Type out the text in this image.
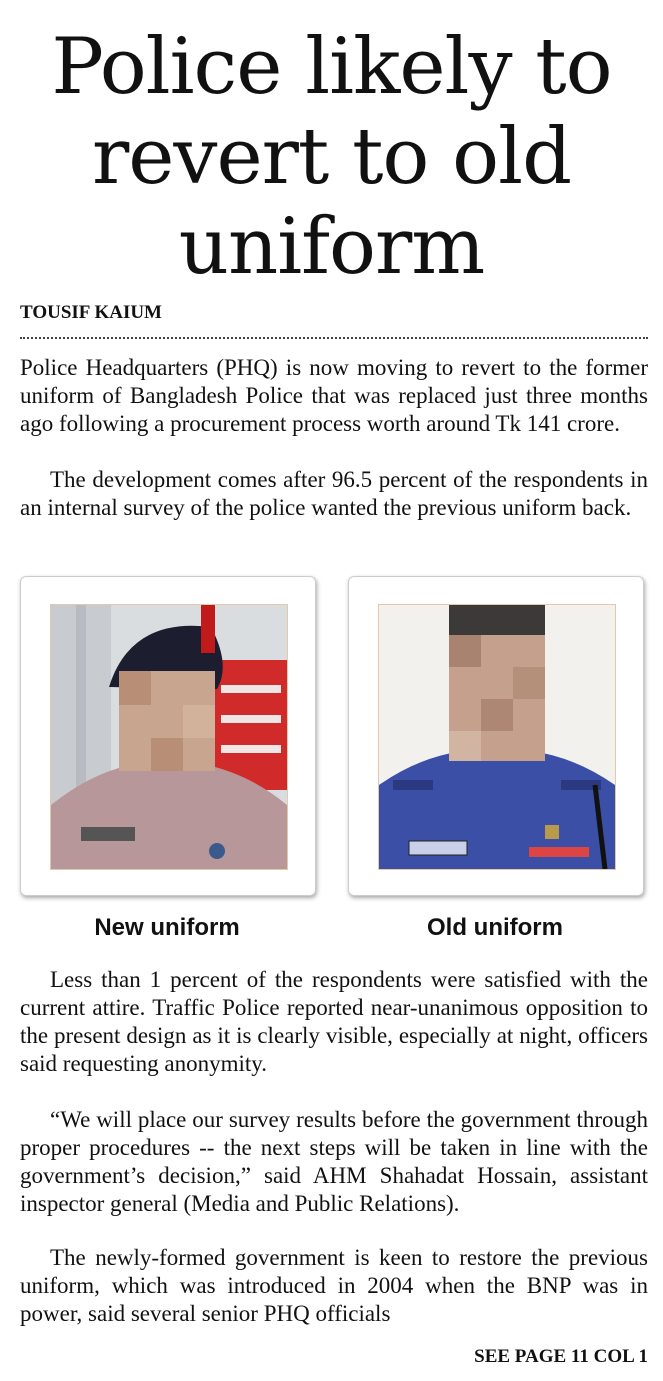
Police likely to revert to old uniform
TOUSIF KAIUM

Police Headquarters (PHQ) is now moving to revert to the former uniform of Bangladesh Police that was replaced just three months ago following a procurement process worth around Tk 141 crore.

The development comes after 96.5 percent of the respondents in an internal survey of the police wanted the previous uniform back.

New uniform	Old uniform

Less than 1 percent of the respondents were satisfied with the current attire. Traffic Police reported near-unanimous opposition to the present design as it is clearly visible, especially at night, officers said requesting anonymity.

“We will place our survey results before the government through proper procedures -- the next steps will be taken in line with the government’s decision,” said AHM Shahadat Hossain, assistant inspector general (Media and Public Relations).

The newly-formed government is keen to restore the previous uniform, which was introduced in 2004 when the BNP was in power, said several senior PHQ officials

SEE PAGE 11 COL 1
